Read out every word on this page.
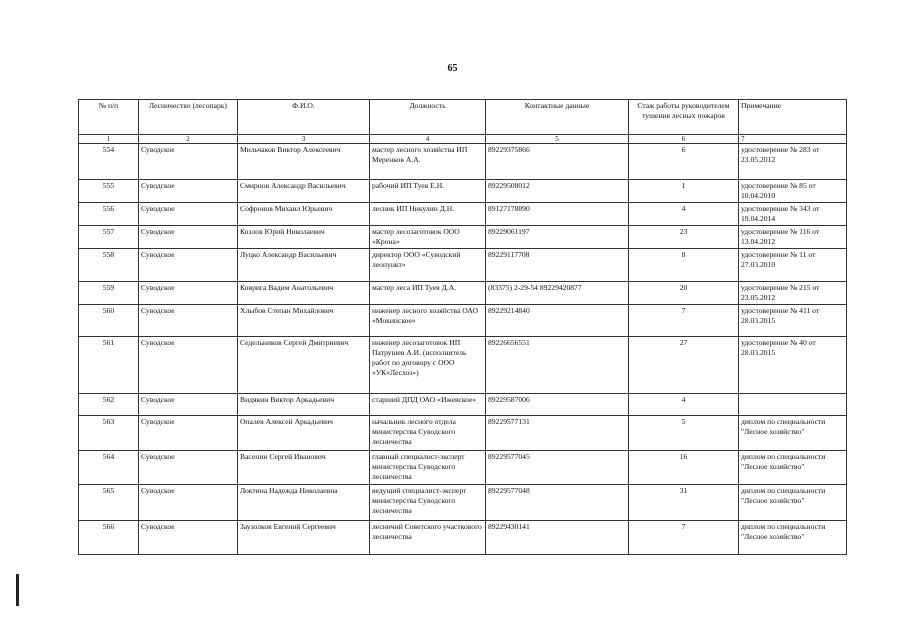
65
№ п/п	Лесничество (лесопарк)	Ф.И.О.	Должность	Контактные данные	Стаж работы руководителем тушения лесных пожаров	Примечание
1	2	3	4	5	6	7
554	Суводское	Мильчаков Виктор Алексеевич	мастер лесного хозяйства ИП Меренков А.А.	89229375866	6	удостоверение № 283 от 23.05.2012
555	Суводское	Смирнов Александр Васильевич	рабочий ИП Туев Е.Н.	89229508012	1	удостоверение № 85 от 10.04.2010
556	Суводское	Софронов Михаил Юрьевич	лесник ИП Никулин Д.Н.	89127178890	4	удостоверение № 343 от 19.04.2014
557	Суводское	Козлов Юрий Николаевич	мастер лесозаготовок ООО «Крона»	89229061197	23	удостоверение № 116 от 13.04.2012
558	Суводское	Луцко Александр Васильевич	директор ООО «Суводский леопункт»	89229117708	8	удостоверение № 11 от 27.03.2010
559	Суводское	Ковригa Вадим Анатольевич	мастер леса ИП Туев Д.А.	(83375) 2-29-54 89229420877	20	удостоверение № 215 от 23.05.2012
560	Суводское	Хлыбов Степан Михайлович	инженер лесного хозяйства ОАО «Мокинское»	89229214840	7	удостоверение № 411 от 28.03.2015
561	Суводское	Седельников Сергей Дмитриевич	инженер лесозаготовок ИП Патрушев А.И. (исполнитель работ по договору с ООО «УК«Лесхоз»)	89226656551	27	удостоверение № 40 от 28.03.2015
562	Суводское	Видякин Виктор Аркадьевич	старший ДПД ОАО «Ижевское»	89229587006	4	
563	Суводское	Опалев Алексей Аркадьевич	начальник лесного отдела министерства Суводского лесничества	89229577131	5	диплом по специальности "Лесное хозяйство"
564	Суводское	Васенин Сергей Иванович	главный специалист-эксперт министерства Суводского лесничества	89229577045	16	диплом по специальности "Лесное хозяйство"
565	Суводское	Локтина Надежда Николаевна	ведущий специалист-эксперт министерства Суводского лесничества	89229577048	31	диплом по специальности "Лесное хозяйство"
566	Суводское	Заузолков Евгений Сергеевич	лесничий Советского участкового лесничества	89229430141	7	диплом по специальности "Лесное хозяйство"
